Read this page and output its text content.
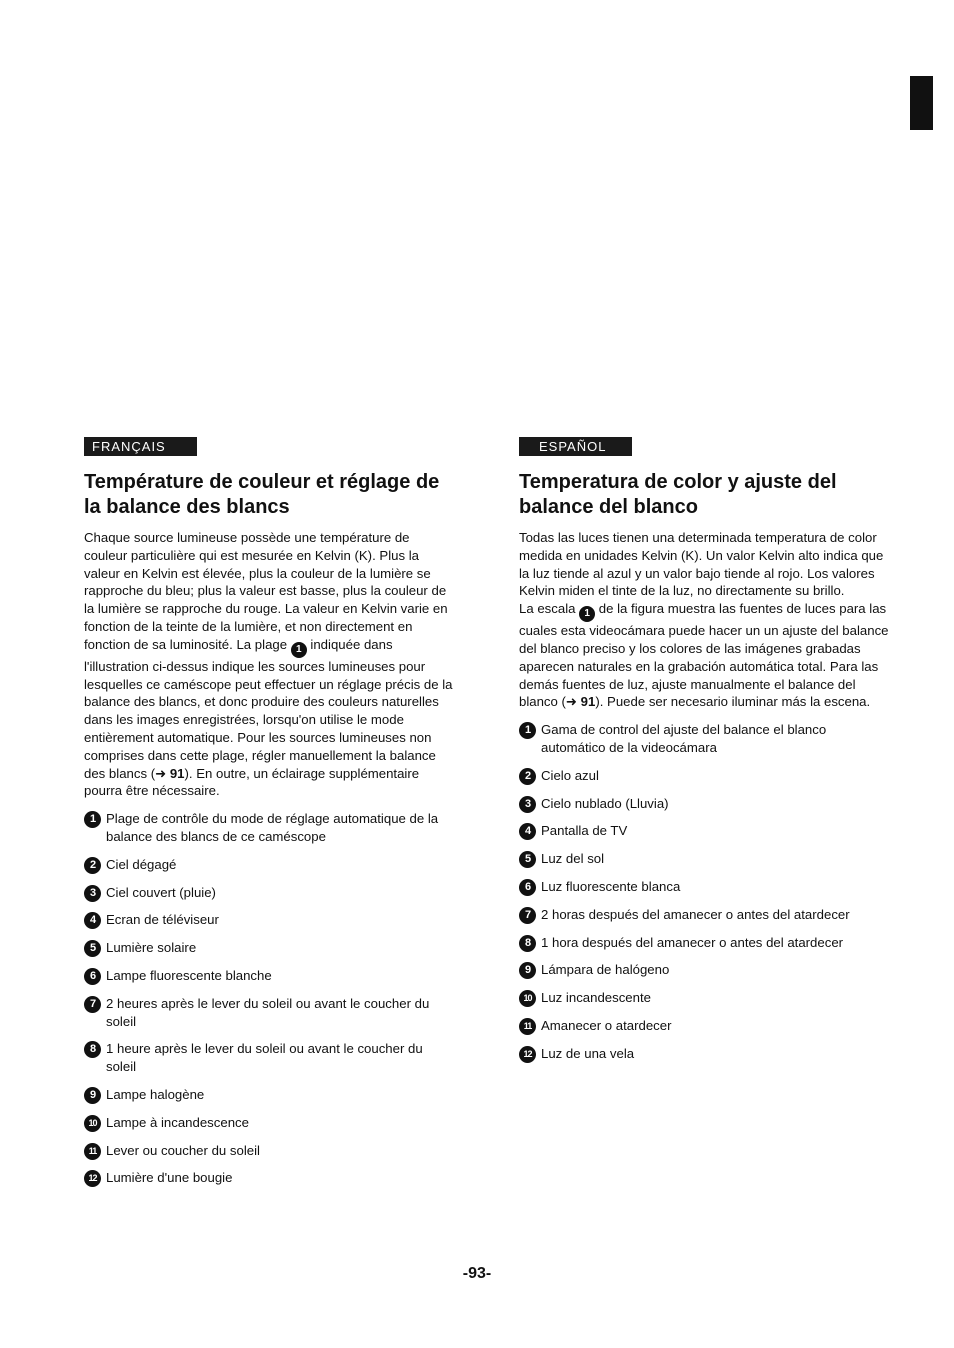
FRANÇAIS
Température de couleur et réglage de la balance des blancs

Chaque source lumineuse possède une température de couleur particulière qui est mesurée en Kelvin (K). Plus la valeur en Kelvin est élevée, plus la couleur de la lumière se rapproche du bleu; plus la valeur est basse, plus la couleur de la lumière se rapproche du rouge. La valeur en Kelvin varie en fonction de la teinte de la lumière, et non directement en fonction de sa luminosité. La plage 1 indiquée dans l'illustration ci-dessus indique les sources lumineuses pour lesquelles ce caméscope peut effectuer un réglage précis de la balance des blancs, et donc produire des couleurs naturelles dans les images enregistrées, lorsqu'on utilise le mode entièrement automatique. Pour les sources lumineuses non comprises dans cette plage, régler manuellement la balance des blancs (➜ 91). En outre, un éclairage supplémentaire pourra être nécessaire.

1 Plage de contrôle du mode de réglage automatique de la balance des blancs de ce caméscope
2 Ciel dégagé
3 Ciel couvert (pluie)
4 Ecran de téléviseur
5 Lumière solaire
6 Lampe fluorescente blanche
7 2 heures après le lever du soleil ou avant le coucher du soleil
8 1 heure après le lever du soleil ou avant le coucher du soleil
9 Lampe halogène
10 Lampe à incandescence
11 Lever ou coucher du soleil
12 Lumière d'une bougie
ESPAÑOL
Temperatura de color y ajuste del balance del blanco

Todas las luces tienen una determinada temperatura de color medida en unidades Kelvin (K). Un valor Kelvin alto indica que la luz tiende al azul y un valor bajo tiende al rojo. Los valores Kelvin miden el tinte de la luz, no directamente su brillo.

La escala 1 de la figura muestra las fuentes de luces para las cuales esta videocámara puede hacer un un ajuste del balance del blanco preciso y los colores de las imágenes grabadas aparecen naturales en la grabación automática total. Para las demás fuentes de luz, ajuste manualmente el balance del blanco (➜ 91). Puede ser necesario iluminar más la escena.

1 Gama de control del ajuste del balance el blanco automático de la videocámara
2 Cielo azul
3 Cielo nublado (Lluvia)
4 Pantalla de TV
5 Luz del sol
6 Luz fluorescente blanca
7 2 horas después del amanecer o antes del atardecer
8 1 hora después del amanecer o antes del atardecer
9 Lámpara de halógeno
10 Luz incandescente
11 Amanecer o atardecer
12 Luz de una vela
-93-
